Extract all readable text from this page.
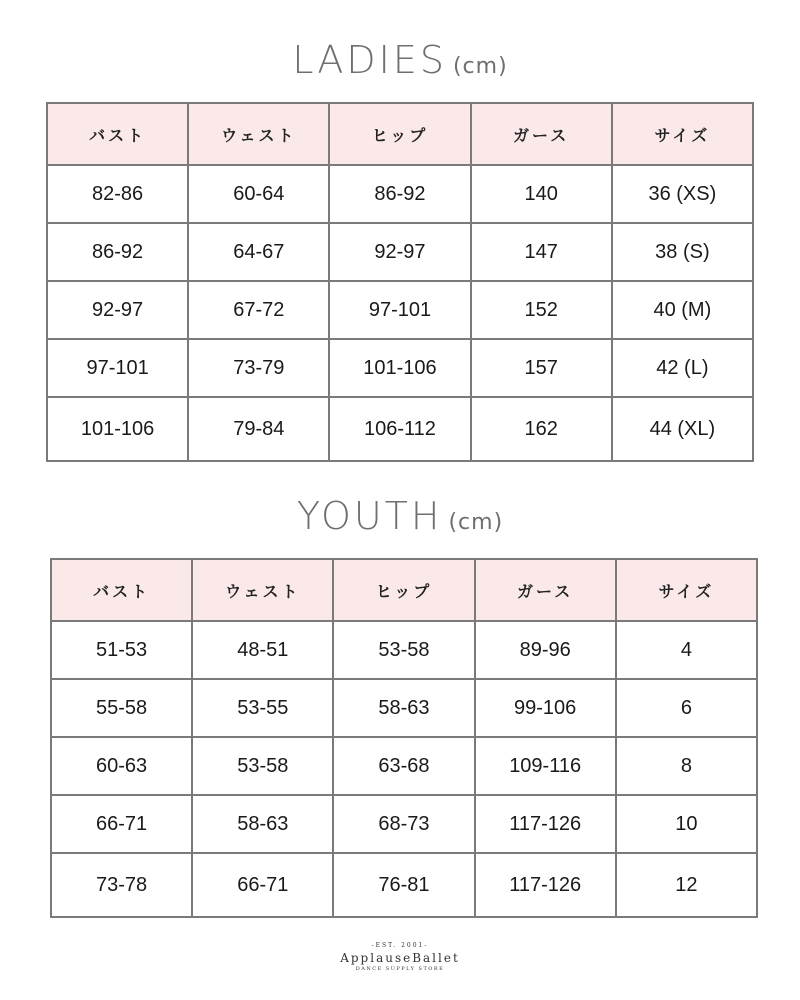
LADIES (cm)
バスト	ウェスト	ヒップ	ガース	サイズ
82-86	60-64	86-92	140	36 (XS)
86-92	64-67	92-97	147	38 (S)
92-97	67-72	97-101	152	40 (M)
97-101	73-79	101-106	157	42 (L)
101-106	79-84	106-112	162	44 (XL)
YOUTH (cm)
バスト	ウェスト	ヒップ	ガース	サイズ
51-53	48-51	53-58	89-96	4
55-58	53-55	58-63	99-106	6
60-63	53-58	63-68	109-116	8
66-71	58-63	68-73	117-126	10
73-78	66-71	76-81	117-126	12
-EST. 2001-
ApplauseBallet
DANCE SUPPLY STORE
